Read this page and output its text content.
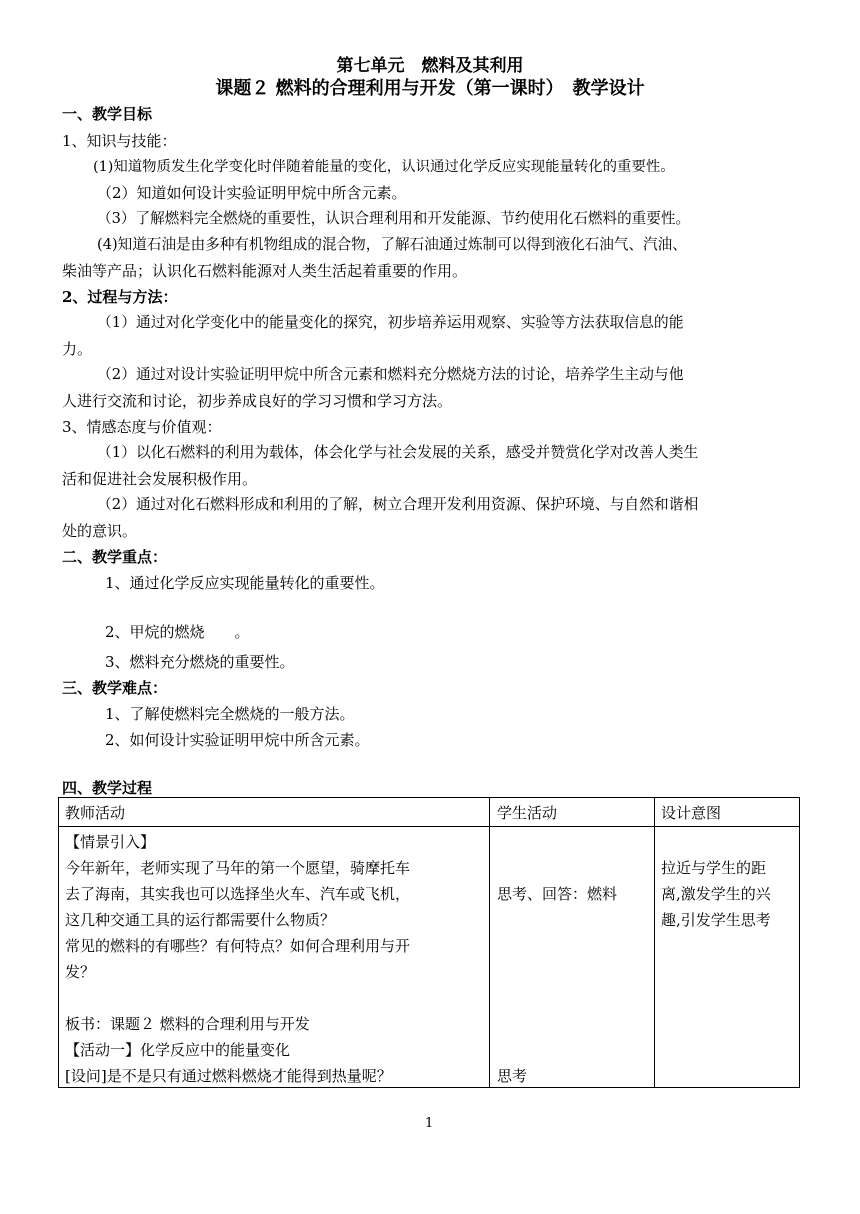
第七单元　燃料及其利用
课题２ 燃料的合理利用与开发（第一课时）　教学设计
一、教学目标
1、知识与技能：
(1)知道物质发生化学变化时伴随着能量的变化，认识通过化学反应实现能量转化的重要性。
（2）知道如何设计实验证明甲烷中所含元素。
（3）了解燃料完全燃烧的重要性，认识合理利用和开发能源、节约使用化石燃料的重要性。
(4)知道石油是由多种有机物组成的混合物，了解石油通过炼制可以得到液化石油气、汽油、
柴油等产品；认识化石燃料能源对人类生活起着重要的作用。
2、过程与方法：
（1）通过对化学变化中的能量变化的探究，初步培养运用观察、实验等方法获取信息的能
力。
（2）通过对设计实验证明甲烷中所含元素和燃料充分燃烧方法的讨论，培养学生主动与他
人进行交流和讨论，初步养成良好的学习习惯和学习方法。
3、情感态度与价值观：
（1）以化石燃料的利用为载体，体会化学与社会发展的关系，感受并赞赏化学对改善人类生
活和促进社会发展积极作用。
（2）通过对化石燃料形成和利用的了解，树立合理开发利用资源、保护环境、与自然和谐相
处的意识。
二、教学重点：
1、通过化学反应实现能量转化的重要性。
2、甲烷的燃烧　　。
3、燃料充分燃烧的重要性。
三、教学难点：
1、了解使燃料完全燃烧的一般方法。
2、如何设计实验证明甲烷中所含元素。
四、教学过程
教师活动	学生活动	设计意图
【情景引入】
今年新年，老师实现了马年的第一个愿望，骑摩托车
去了海南，其实我也可以选择坐火车、汽车或飞机，
这几种交通工具的运行都需要什么物质？
常见的燃料的有哪些？有何特点？如何合理利用与开
发？
板书：课题２ 燃料的合理利用与开发
【活动一】化学反应中的能量变化
[设问]是不是只有通过燃料燃烧才能得到热量呢？
思考、回答：燃料
思考
拉近与学生的距
离,激发学生的兴
趣,引发学生思考
1
